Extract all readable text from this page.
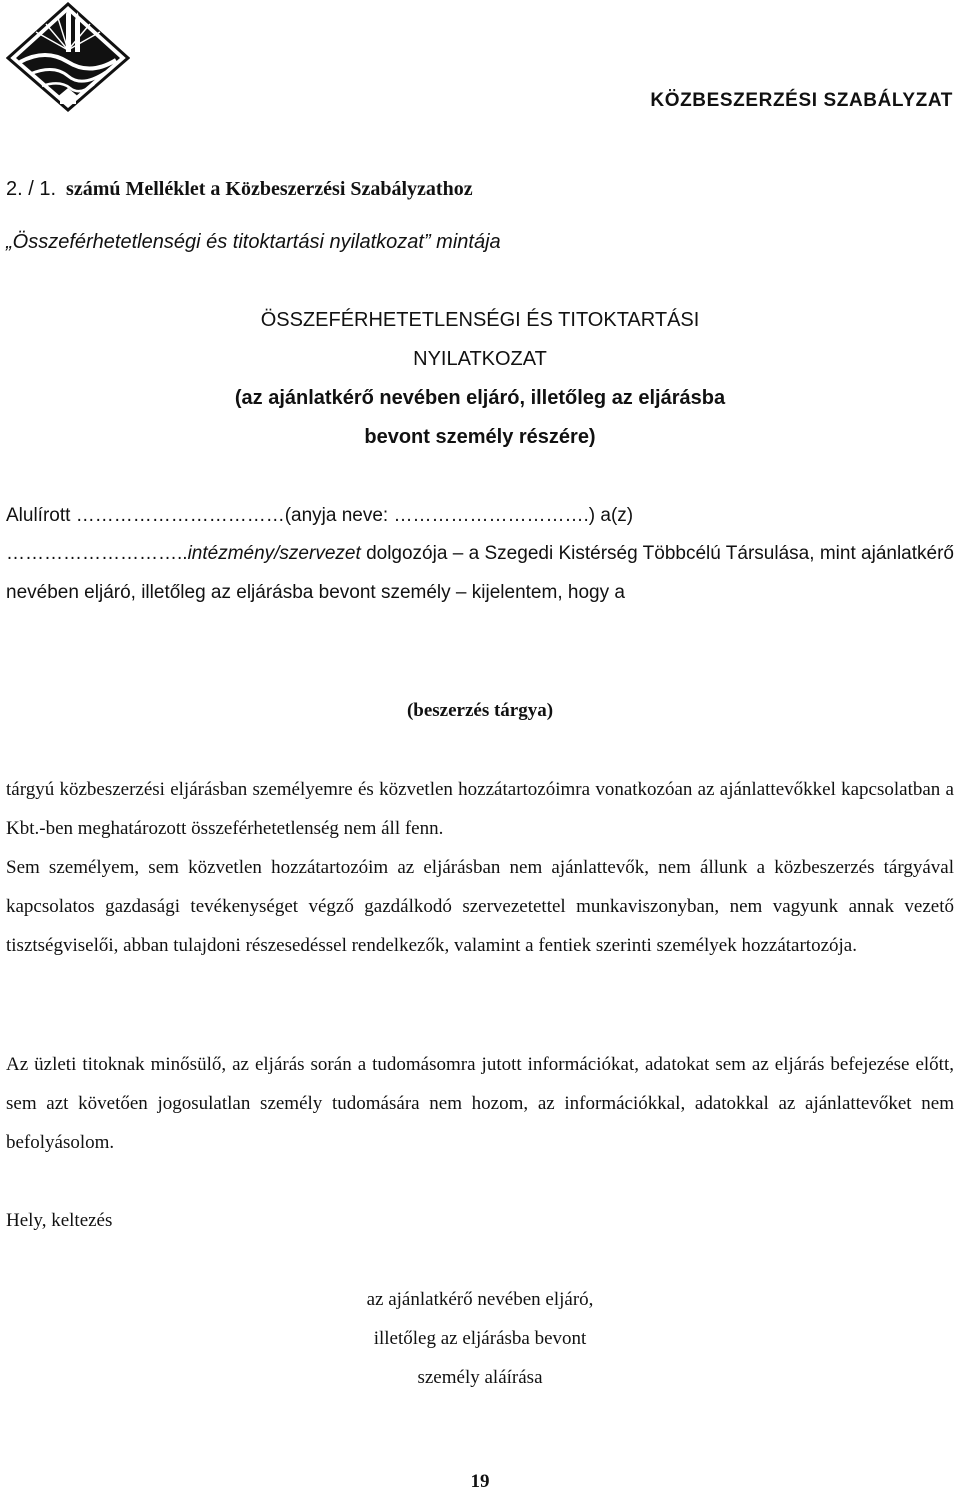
KÖZBESZERZÉSI SZABÁLYZAT
2. / 1. számú Melléklet a Közbeszerzési Szabályzathoz
„Összeférhetetlenségi és titoktartási nyilatkozat” mintája
ÖSSZEFÉRHETETLENSÉGI ÉS TITOKTARTÁSI
NYILATKOZAT
(az ajánlatkérő nevében eljáró, illetőleg az eljárásba
bevont személy részére)
Alulírott ……………………………(anyja neve: ………………………….) a(z)
………………………..intézmény/szervezet dolgozója – a Szegedi Kistérség Többcélú Társulása, mint ajánlatkérő nevében eljáró, illetőleg az eljárásba bevont személy – kijelentem, hogy a
(beszerzés tárgya)
tárgyú közbeszerzési eljárásban személyemre és közvetlen hozzátartozóimra vonatkozóan az ajánlattevőkkel kapcsolatban a Kbt.-ben meghatározott összeférhetetlenség nem áll fenn.
Sem személyem, sem közvetlen hozzátartozóim az eljárásban nem ajánlattevők, nem állunk a közbeszerzés tárgyával kapcsolatos gazdasági tevékenységet végző gazdálkodó szervezetettel munkaviszonyban, nem vagyunk annak vezető tisztségviselői, abban tulajdoni részesedéssel rendelkezők, valamint a fentiek szerinti személyek hozzátartozója.
Az üzleti titoknak minősülő, az eljárás során a tudomásomra jutott információkat, adatokat sem az eljárás befejezése előtt, sem azt követően jogosulatlan személy tudomására nem hozom, az információkkal, adatokkal az ajánlattevőket nem befolyásolom.
Hely, keltezés
az ajánlatkérő nevében eljáró,
illetőleg az eljárásba bevont
személy aláírása
19
